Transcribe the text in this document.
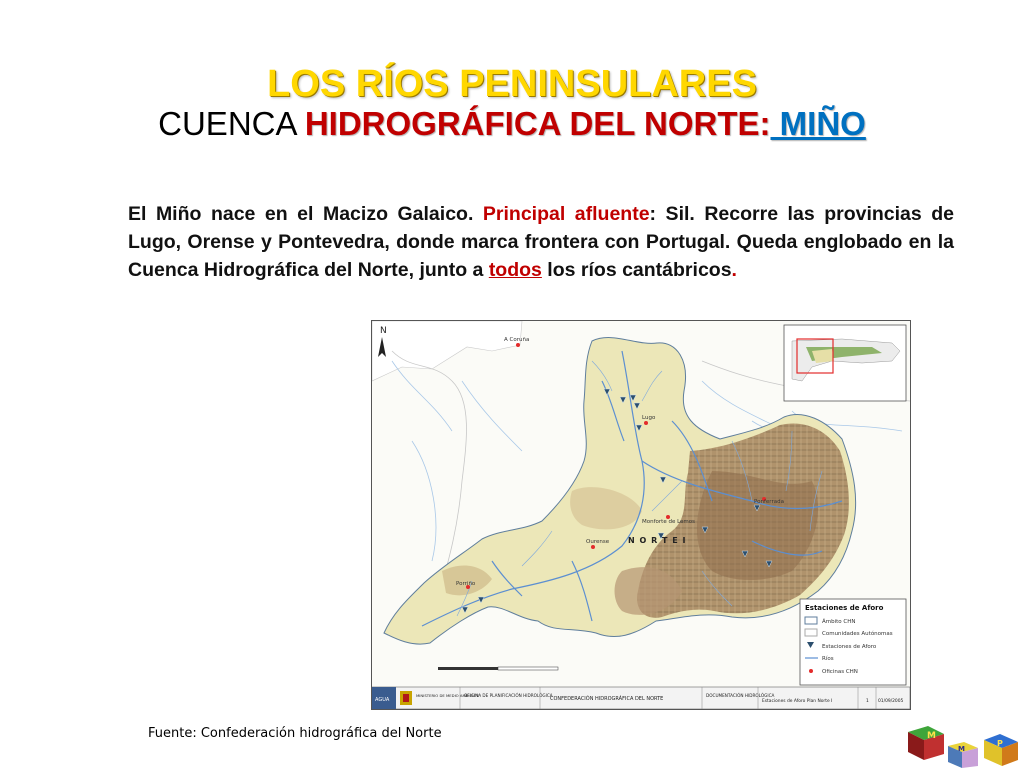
LOS RÍOS PENINSULARES
CUENCA HIDROGRÁFICA DEL NORTE: MIÑO
El Miño nace en el Macizo Galaico. Principal afluente: Sil. Recorre las provincias de Lugo, Orense y Pontevedra, donde marca frontera con Portugal. Queda englobado en la Cuenca Hidrográfica del Norte, junto a todos los ríos cantábricos.
A Coruña
Lugo
Monforte de Lemos
Ourense
Ponferrada
Porriño
N O R T E I
N
Estaciones de Aforo
Ámbito CHN
Comunidades Autónomas
Estaciones de Aforo
Ríos
Oficinas CHN
AGUA
MINISTERIO DE MEDIO AMBIENTE
OFICINA DE PLANIFICACIÓN HIDROLÓGICA
CONFEDERACIÓN HIDROGRÁFICA DEL NORTE
DOCUMENTACIÓN HIDROLÓGICA
Estaciones de Aforo Plan Norte I	1 01/09/2005
Fuente: Confederación hidrográfica del Norte	M
M
P
